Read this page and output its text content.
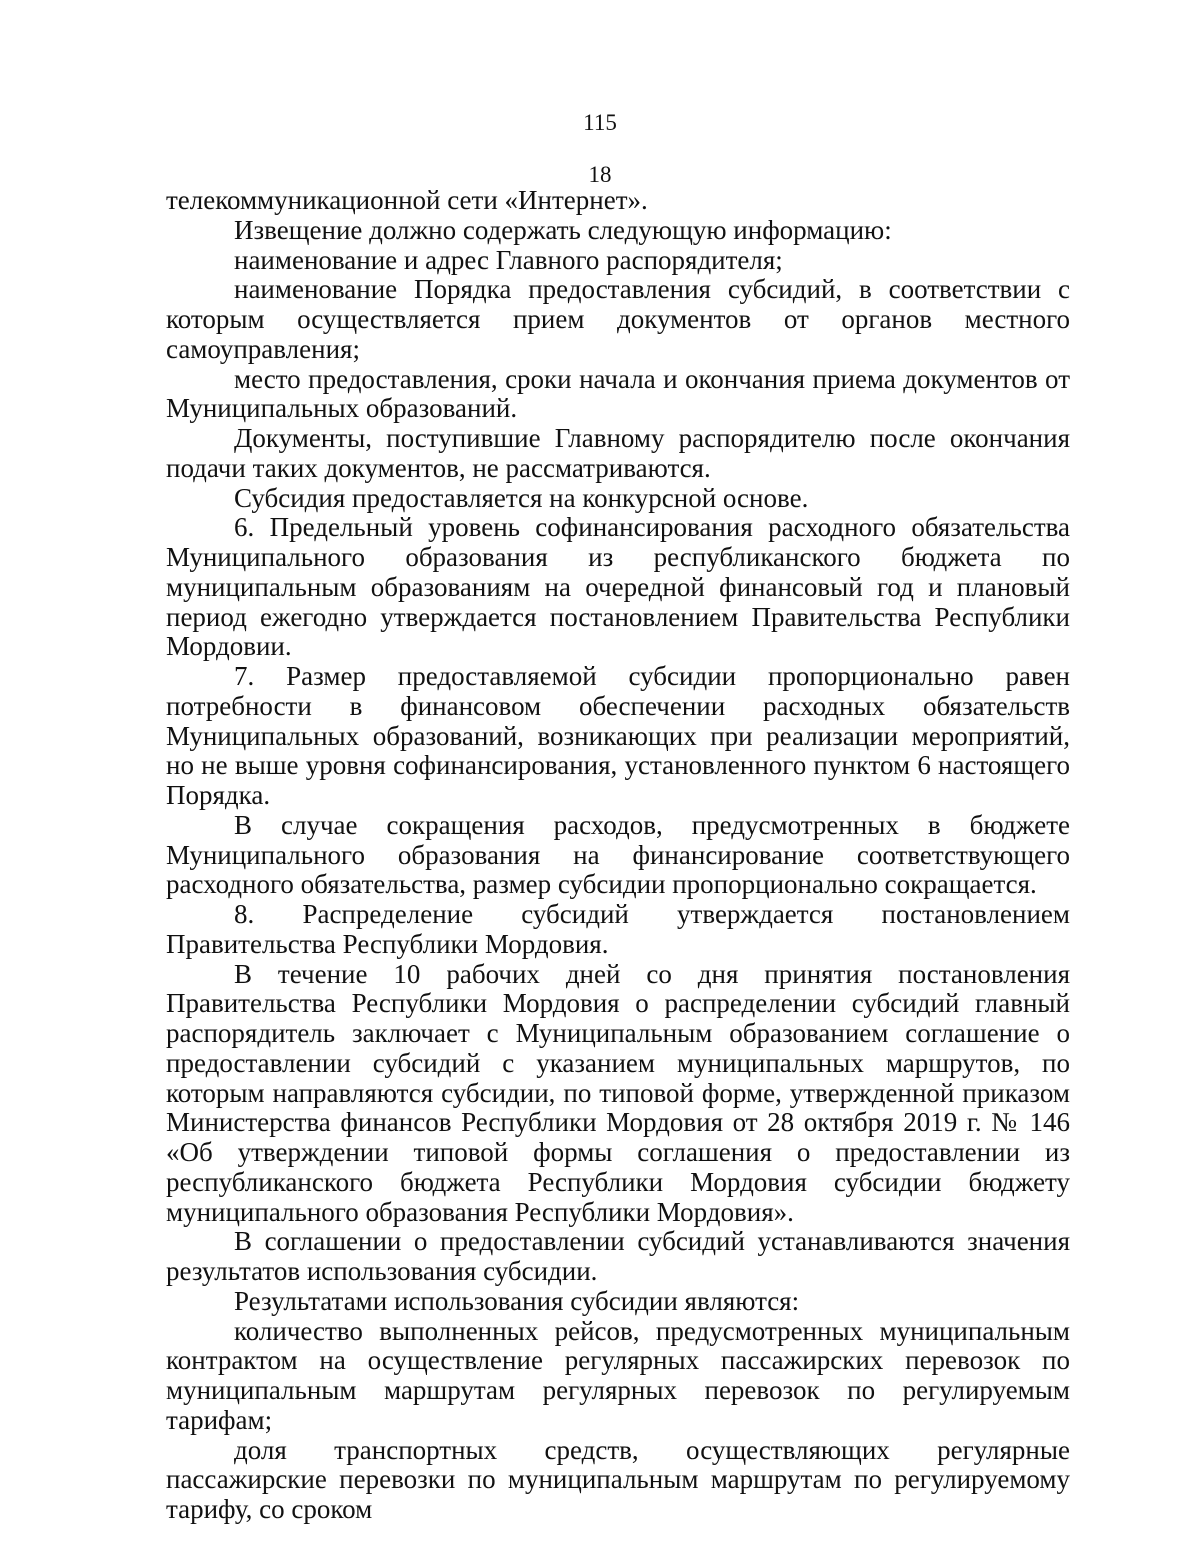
115
18

телекоммуникационной сети «Интернет».

Извещение должно содержать следующую информацию:

наименование и адрес Главного распорядителя;

наименование Порядка предоставления субсидий, в соответствии с которым осуществляется прием документов от органов местного самоуправления;

место предоставления, сроки начала и окончания приема документов от Муниципальных образований.

Документы, поступившие Главному распорядителю после окончания подачи таких документов, не рассматриваются.

Субсидия предоставляется на конкурсной основе.

6. Предельный уровень софинансирования расходного обязательства Муниципального образования из республиканского бюджета по муниципальным образованиям на очередной финансовый год и плановый период ежегодно утверждается постановлением Правительства Республики Мордовии.

7. Размер предоставляемой субсидии пропорционально равен потребности в финансовом обеспечении расходных обязательств Муниципальных образований, возникающих при реализации мероприятий, но не выше уровня софинансирования, установленного пунктом 6 настоящего Порядка.

В случае сокращения расходов, предусмотренных в бюджете Муниципального образования на финансирование соответствующего расходного обязательства, размер субсидии пропорционально сокращается.

8. Распределение субсидий утверждается постановлением Правительства Республики Мордовия.

В течение 10 рабочих дней со дня принятия постановления Правительства Республики Мордовия о распределении субсидий главный распорядитель заключает с Муниципальным образованием соглашение о предоставлении субсидий с указанием муниципальных маршрутов, по которым направляются субсидии, по типовой форме, утвержденной приказом Министерства финансов Республики Мордовия от 28 октября 2019 г. № 146 «Об утверждении типовой формы соглашения о предоставлении из республиканского бюджета Республики Мордовия субсидии бюджету муниципального образования Республики Мордовия».

В соглашении о предоставлении субсидий устанавливаются значения результатов использования субсидии.

Результатами использования субсидии являются:

количество выполненных рейсов, предусмотренных муниципальным контрактом на осуществление регулярных пассажирских перевозок по муниципальным маршрутам регулярных перевозок по регулируемым тарифам;

доля транспортных средств, осуществляющих регулярные пассажирские перевозки по муниципальным маршрутам по регулируемому тарифу, со сроком
